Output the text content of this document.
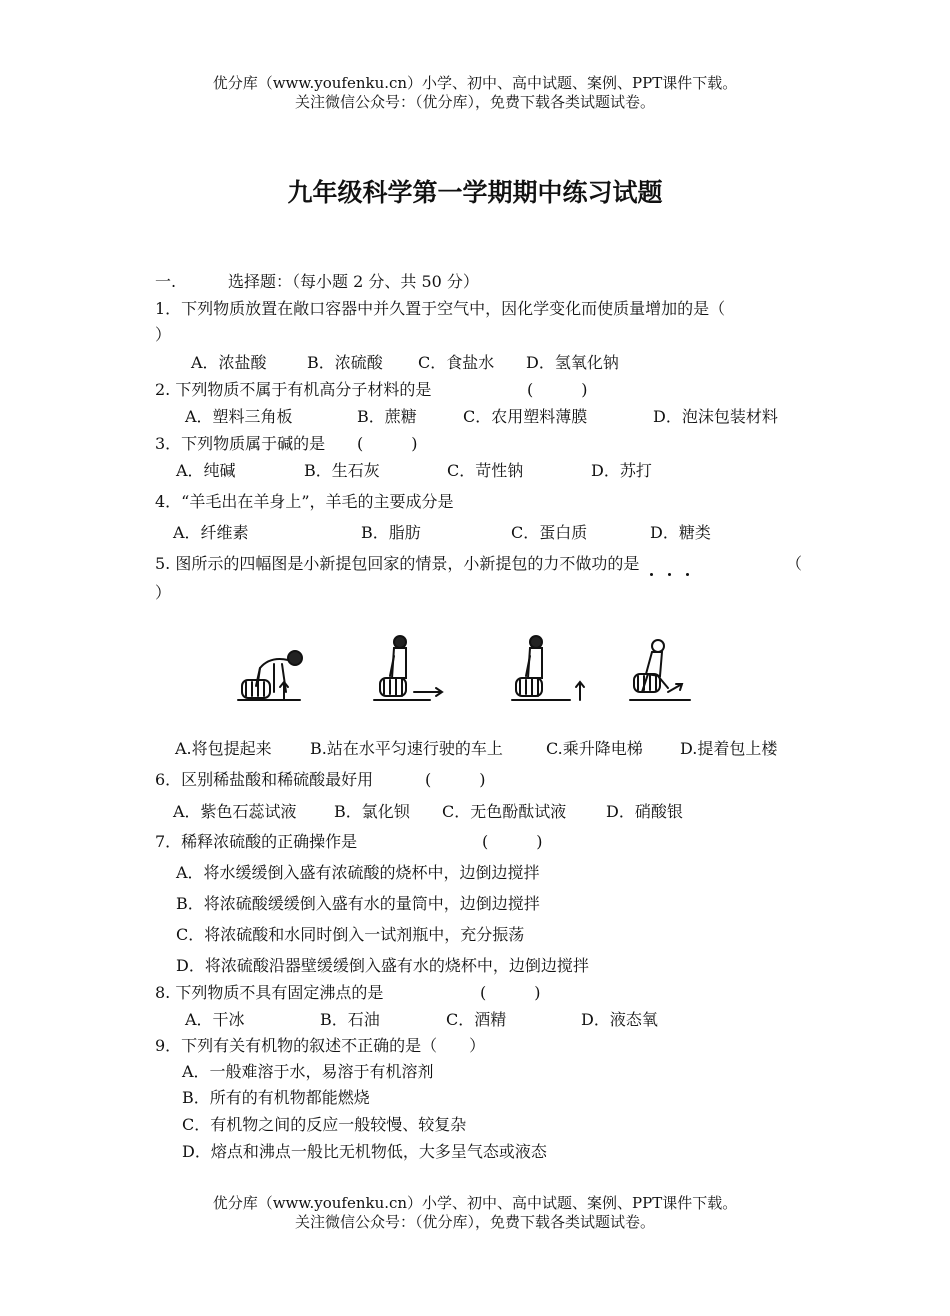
优分库（www.youfenku.cn）小学、初中、高中试题、案例、PPT课件下载。
关注微信公众号：（优分库），免费下载各类试题试卷。
九年级科学第一学期期中练习试题
一.	选择题：（每小题 2 分、共 50 分）
1．下列物质放置在敞口容器中并久置于空气中，因化学变化而使质量增加的是（
）
A．浓盐酸	B．浓硫酸 C．食盐水 D．氢氧化钠
2. 下列物质不属于有机高分子材料的是	(　　　)
A．塑料三角板	B．蔗糖	C．农用塑料薄膜	D．泡沫包装材料
3．下列物质属于碱的是 (　　　)
A．纯碱	B．生石灰	C．苛性钠	D．苏打
4．“羊毛出在羊身上”，羊毛的主要成分是
A．纤维素	B．脂肪	C．蛋白质	D．糖类
5. 图所示的四幅图是小新提包回家的情景，小新提包的力不做功的是	（
）
A.将包提起来 B.站在水平匀速行驶的车上	C.乘升降电梯 D.提着包上楼
6．区别稀盐酸和稀硫酸最好用	(　　　)
A．紫色石蕊试液 B．氯化钡 C．无色酚酞试液 D．硝酸银
7．稀释浓硫酸的正确操作是	(　　　)
A．将水缓缓倒入盛有浓硫酸的烧杯中，边倒边搅拌
B．将浓硫酸缓缓倒入盛有水的量筒中，边倒边搅拌
C．将浓硫酸和水同时倒入一试剂瓶中，充分振荡
D．将浓硫酸沿器壁缓缓倒入盛有水的烧杯中，边倒边搅拌
8. 下列物质不具有固定沸点的是	(　　　)
A．干冰	B．石油	C．酒精	D．液态氧
9．下列有关有机物的叙述不正确的是（　　）
A．一般难溶于水，易溶于有机溶剂
B．所有的有机物都能燃烧
C．有机物之间的反应一般较慢、较复杂
D．熔点和沸点一般比无机物低，大多呈气态或液态
优分库（www.youfenku.cn）小学、初中、高中试题、案例、PPT课件下载。
关注微信公众号：（优分库），免费下载各类试题试卷。
